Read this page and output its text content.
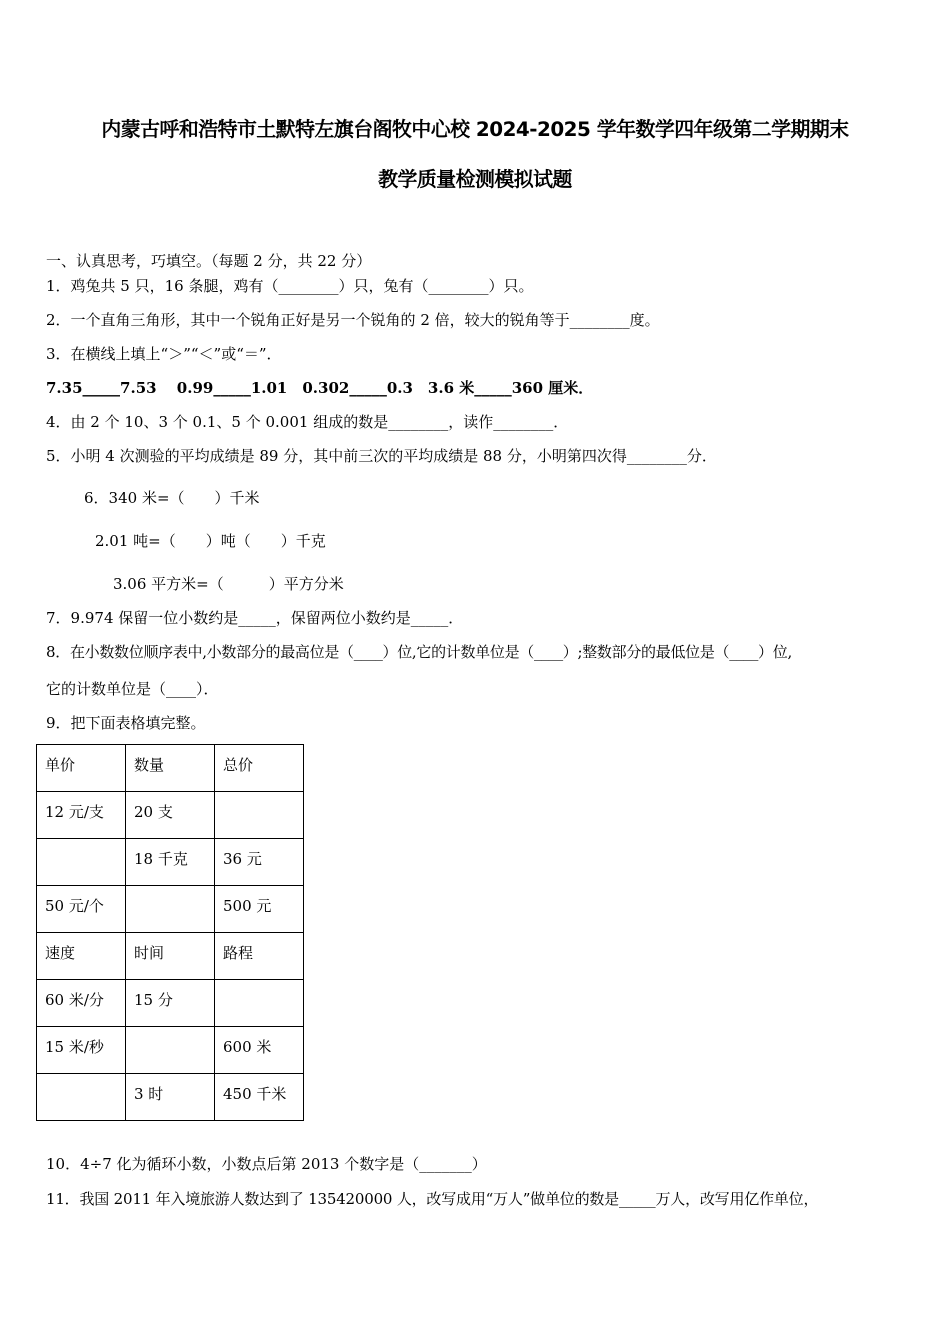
内蒙古呼和浩特市土默特左旗台阁牧中心校 2024-2025 学年数学四年级第二学期期末
教学质量检测模拟试题
一、认真思考，巧填空。（每题 2 分，共 22 分）
1．鸡兔共 5 只，16 条腿，鸡有（________）只，兔有（________）只。
2．一个直角三角形，其中一个锐角正好是另一个锐角的 2 倍，较大的锐角等于________度。
3．在横线上填上“＞”“＜”或“＝”．
7.35_____7.53　 0.99_____1.01　0.302_____0.3　3.6 米_____360 厘米．
4．由 2 个 10、3 个 0.1、5 个 0.001 组成的数是________，读作________．
5．小明 4 次测验的平均成绩是 89 分，其中前三次的平均成绩是 88 分，小明第四次得________分．
6．340 米=（　　）千米
2.01 吨=（　　）吨（　　）千克
3.06 平方米=（　　　）平方分米
7．9.974 保留一位小数约是_____，保留两位小数约是_____．
8．在小数数位顺序表中,小数部分的最高位是（____）位,它的计数单位是（____）;整数部分的最低位是（____）位,
它的计数单位是（____）．
9．把下面表格填完整。
单价	数量	总价
12 元/支	20 支	
	18 千克	36 元
50 元/个		500 元
速度	时间	路程
60 米/分	15 分	
15 米/秒		600 米
	3 时	450 千米
10．4÷7 化为循环小数，小数点后第 2013 个数字是（_______）
11．我国 2011 年入境旅游人数达到了 135420000 人，改写成用“万人”做单位的数是_____万人，改写用亿作单位，
